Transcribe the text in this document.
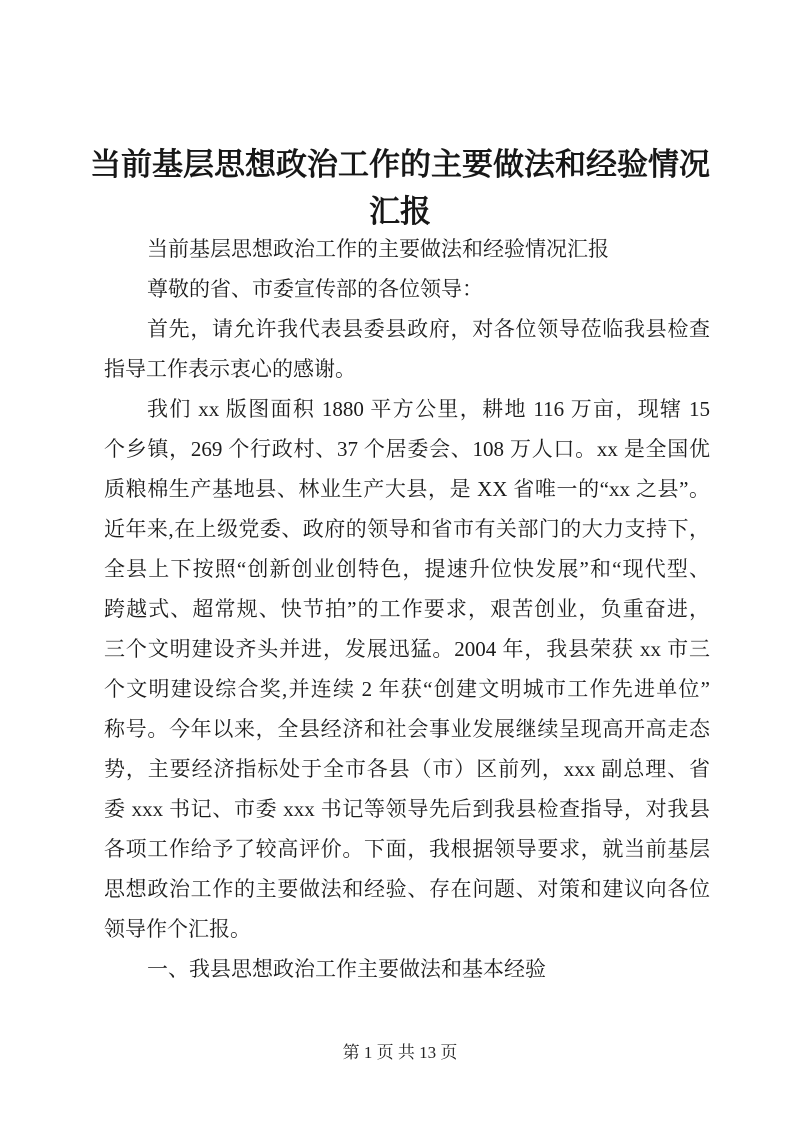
当前基层思想政治工作的主要做法和经验情况
汇报
当前基层思想政治工作的主要做法和经验情况汇报
尊敬的省、市委宣传部的各位领导：
首先，请允许我代表县委县政府，对各位领导莅临我县检查
指导工作表示衷心的感谢。
我们 xx 版图面积 1880 平方公里，耕地 116 万亩，现辖 15
个乡镇，269 个行政村、37 个居委会、108 万人口。xx 是全国优
质粮棉生产基地县、林业生产大县，是 XX 省唯一的“xx 之县”。
近年来,在上级党委、政府的领导和省市有关部门的大力支持下，
全县上下按照“创新创业创特色，提速升位快发展”和“现代型、
跨越式、超常规、快节拍”的工作要求，艰苦创业，负重奋进，
三个文明建设齐头并进，发展迅猛。2004 年，我县荣获 xx 市三
个文明建设综合奖,并连续 2 年获“创建文明城市工作先进单位”
称号。今年以来，全县经济和社会事业发展继续呈现高开高走态
势，主要经济指标处于全市各县（市）区前列，xxx 副总理、省
委 xxx 书记、市委 xxx 书记等领导先后到我县检查指导，对我县
各项工作给予了较高评价。下面，我根据领导要求，就当前基层
思想政治工作的主要做法和经验、存在问题、对策和建议向各位
领导作个汇报。
一、我县思想政治工作主要做法和基本经验
第 1 页 共 13 页
